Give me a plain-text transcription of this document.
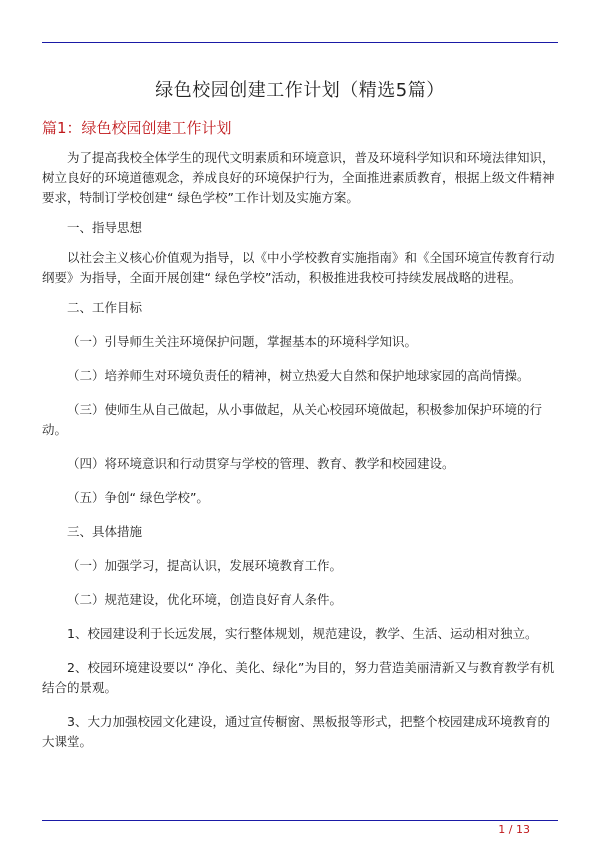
绿色校园创建工作计划（精选5篇）
篇1：绿色校园创建工作计划

为了提高我校全体学生的现代文明素质和环境意识，普及环境科学知识和环境法律知识，树立良好的环境道德观念，养成良好的环境保护行为，全面推进素质教育，根据上级文件精神要求，特制订学校创建“ 绿色学校”工作计划及实施方案。

一、指导思想

以社会主义核心价值观为指导，以《中小学校教育实施指南》和《全国环境宣传教育行动纲要》为指导，全面开展创建“ 绿色学校”活动，积极推进我校可持续发展战略的进程。

二、工作目标

（一）引导师生关注环境保护问题，掌握基本的环境科学知识。

（二）培养师生对环境负责任的精神，树立热爱大自然和保护地球家园的高尚情操。

（三）使师生从自己做起，从小事做起，从关心校园环境做起，积极参加保护环境的行动。

（四）将环境意识和行动贯穿与学校的管理、教育、教学和校园建设。

（五）争创“ 绿色学校”。

三、具体措施

（一）加强学习，提高认识，发展环境教育工作。

（二）规范建设，优化环境，创造良好育人条件。

1、校园建设利于长远发展，实行整体规划，规范建设，教学、生活、运动相对独立。

2、校园环境建设要以“ 净化、美化、绿化”为目的，努力营造美丽清新又与教育教学有机结合的景观。

3、大力加强校园文化建设，通过宣传橱窗、黑板报等形式，把整个校园建成环境教育的大课堂。

1 / 13
